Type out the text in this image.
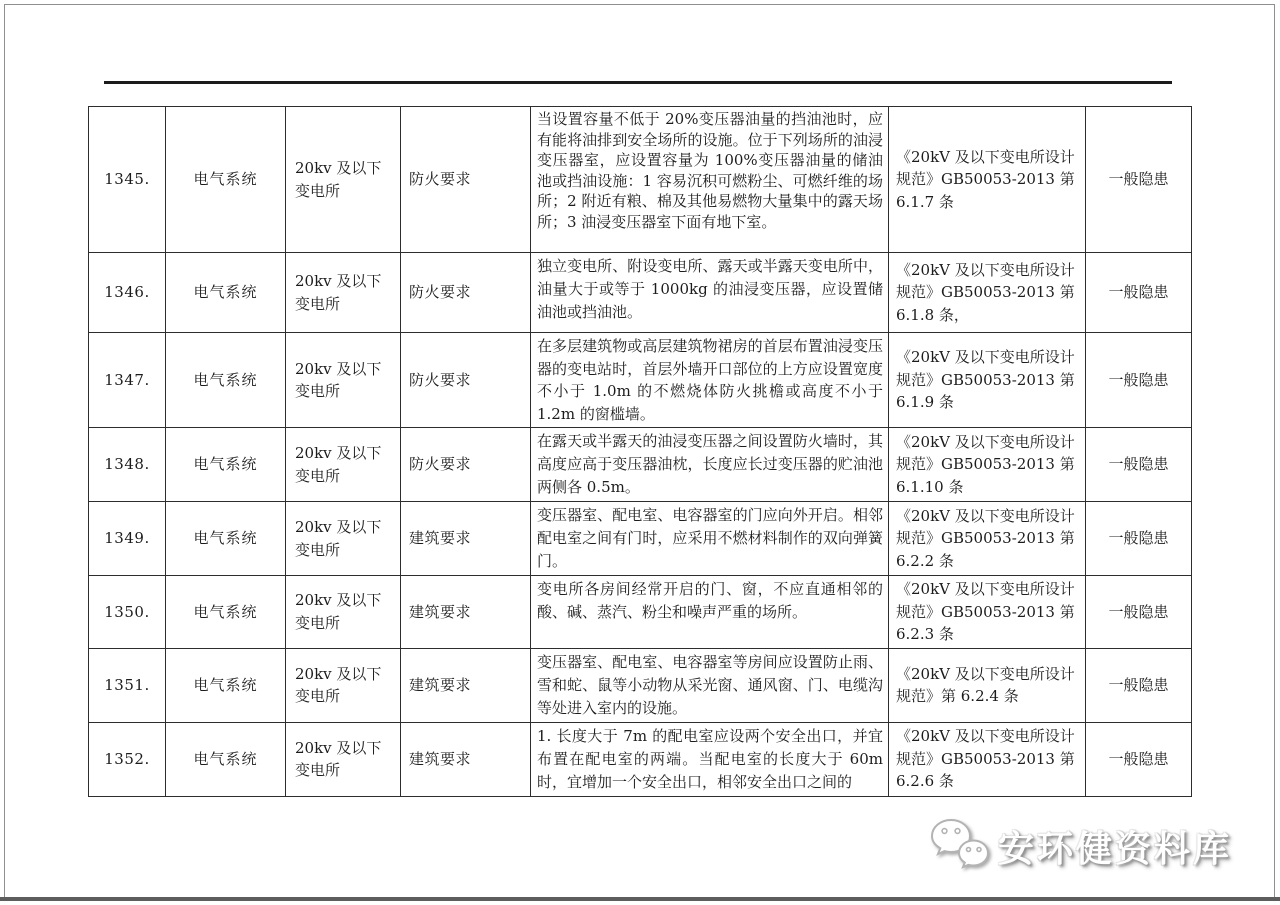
1345.	电气系统	20kv 及以下变电所	防火要求	当设置容量不低于 20%变压器油量的挡油池时，应有能将油排到安全场所的设施。位于下列场所的油浸变压器室，应设置容量为 100%变压器油量的储油池或挡油设施：1 容易沉积可燃粉尘、可燃纤维的场所；2 附近有粮、棉及其他易燃物大量集中的露天场所；3 油浸变压器室下面有地下室。	《20kV 及以下变电所设计规范》GB50053-2013 第 6.1.7 条	一般隐患
1346.	电气系统	20kv 及以下变电所	防火要求	独立变电所、附设变电所、露天或半露天变电所中，油量大于或等于 1000kg 的油浸变压器，应设置储油池或挡油池。	《20kV 及以下变电所设计规范》GB50053-2013 第 6.1.8 条，	一般隐患
1347.	电气系统	20kv 及以下变电所	防火要求	在多层建筑物或高层建筑物裙房的首层布置油浸变压器的变电站时，首层外墙开口部位的上方应设置宽度不小于 1.0m 的不燃烧体防火挑檐或高度不小于 1.2m 的窗槛墙。	《20kV 及以下变电所设计规范》GB50053-2013 第 6.1.9 条	一般隐患
1348.	电气系统	20kv 及以下变电所	防火要求	在露天或半露天的油浸变压器之间设置防火墙时，其高度应高于变压器油枕，长度应长过变压器的贮油池两侧各 0.5m。	《20kV 及以下变电所设计规范》GB50053-2013 第 6.1.10 条	一般隐患
1349.	电气系统	20kv 及以下变电所	建筑要求	变压器室、配电室、电容器室的门应向外开启。相邻配电室之间有门时，应采用不燃材料制作的双向弹簧门。	《20kV 及以下变电所设计规范》GB50053-2013 第 6.2.2 条	一般隐患
1350.	电气系统	20kv 及以下变电所	建筑要求	变电所各房间经常开启的门、窗，不应直通相邻的酸、碱、蒸汽、粉尘和噪声严重的场所。	《20kV 及以下变电所设计规范》GB50053-2013 第 6.2.3 条	一般隐患
1351.	电气系统	20kv 及以下变电所	建筑要求	变压器室、配电室、电容器室等房间应设置防止雨、雪和蛇、鼠等小动物从采光窗、通风窗、门、电缆沟等处进入室内的设施。	《20kV 及以下变电所设计规范》第 6.2.4 条	一般隐患
1352.	电气系统	20kv 及以下变电所	建筑要求	1. 长度大于 7m 的配电室应设两个安全出口，并宜布置在配电室的两端。当配电室的长度大于 60m 时，宜增加一个安全出口，相邻安全出口之间的	《20kV 及以下变电所设计规范》GB50053-2013 第 6.2.6 条	一般隐患
安环健资料库
